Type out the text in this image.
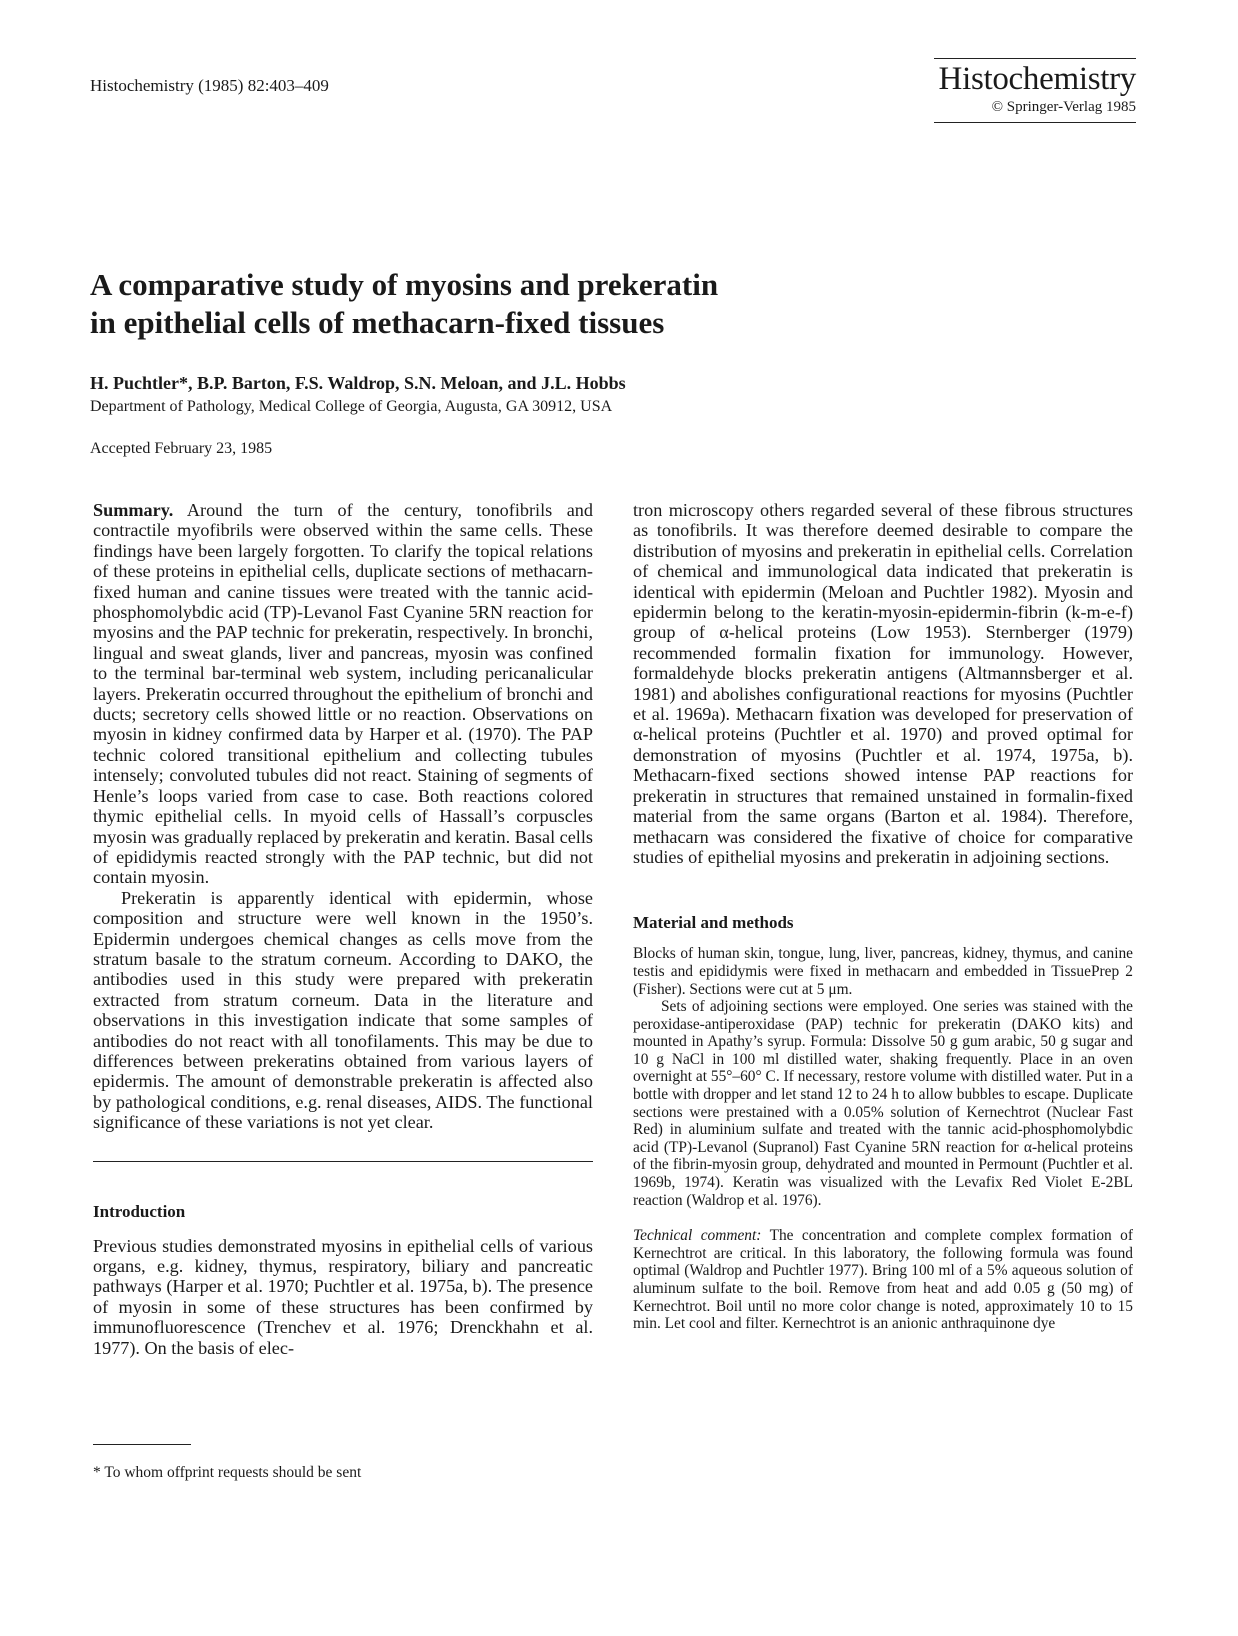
Histochemistry (1985) 82:403–409	Histochemistry
© Springer-Verlag 1985
A comparative study of myosins and prekeratin
in epithelial cells of methacarn-fixed tissues
H. Puchtler*, B.P. Barton, F.S. Waldrop, S.N. Meloan, and J.L. Hobbs
Department of Pathology, Medical College of Georgia, Augusta, GA 30912, USA
Accepted February 23, 1985

Summary. Around the turn of the century, tonofibrils and contractile myofibrils were observed within the same cells. These findings have been largely forgotten. To clarify the topical relations of these proteins in epithelial cells, duplicate sections of methacarn-fixed human and canine tissues were treated with the tannic acid-phosphomolybdic acid (TP)-Levanol Fast Cyanine 5RN reaction for myosins and the PAP technic for prekeratin, respectively. In bronchi, lingual and sweat glands, liver and pancreas, myosin was confined to the terminal bar-terminal web system, including pericanalicular layers. Prekeratin occurred throughout the epithelium of bronchi and ducts; secretory cells showed little or no reaction. Observations on myosin in kidney confirmed data by Harper et al. (1970). The PAP technic colored transitional epithelium and collecting tubules intensely; convoluted tubules did not react. Staining of segments of Henle’s loops varied from case to case. Both reactions colored thymic epithelial cells. In myoid cells of Hassall’s corpuscles myosin was gradually replaced by prekeratin and keratin. Basal cells of epididymis reacted strongly with the PAP technic, but did not contain myosin.

Prekeratin is apparently identical with epidermin, whose composition and structure were well known in the 1950’s. Epidermin undergoes chemical changes as cells move from the stratum basale to the stratum corneum. According to DAKO, the antibodies used in this study were prepared with prekeratin extracted from stratum corneum. Data in the literature and observations in this investigation indicate that some samples of antibodies do not react with all tonofilaments. This may be due to differences between prekeratins obtained from various layers of epidermis. The amount of demonstrable prekeratin is affected also by pathological conditions, e.g. renal diseases, AIDS. The functional significance of these variations is not yet clear.

Introduction

Previous studies demonstrated myosins in epithelial cells of various organs, e.g. kidney, thymus, respiratory, biliary and pancreatic pathways (Harper et al. 1970; Puchtler et al. 1975a, b). The presence of myosin in some of these structures has been confirmed by immunofluorescence (Trenchev et al. 1976; Drenckhahn et al. 1977). On the basis of elec-

* To whom offprint requests should be sent

tron microscopy others regarded several of these fibrous structures as tonofibrils. It was therefore deemed desirable to compare the distribution of myosins and prekeratin in epithelial cells. Correlation of chemical and immunological data indicated that prekeratin is identical with epidermin (Meloan and Puchtler 1982). Myosin and epidermin belong to the keratin-myosin-epidermin-fibrin (k-m-e-f) group of α-helical proteins (Low 1953). Sternberger (1979) recommended formalin fixation for immunology. However, formaldehyde blocks prekeratin antigens (Altmannsberger et al. 1981) and abolishes configurational reactions for myosins (Puchtler et al. 1969a). Methacarn fixation was developed for preservation of α-helical proteins (Puchtler et al. 1970) and proved optimal for demonstration of myosins (Puchtler et al. 1974, 1975a, b). Methacarn-fixed sections showed intense PAP reactions for prekeratin in structures that remained unstained in formalin-fixed material from the same organs (Barton et al. 1984). Therefore, methacarn was considered the fixative of choice for comparative studies of epithelial myosins and prekeratin in adjoining sections.

Material and methods

Blocks of human skin, tongue, lung, liver, pancreas, kidney, thymus, and canine testis and epididymis were fixed in methacarn and embedded in TissuePrep 2 (Fisher). Sections were cut at 5 μm.

Sets of adjoining sections were employed. One series was stained with the peroxidase-antiperoxidase (PAP) technic for prekeratin (DAKO kits) and mounted in Apathy’s syrup. Formula: Dissolve 50 g gum arabic, 50 g sugar and 10 g NaCl in 100 ml distilled water, shaking frequently. Place in an oven overnight at 55°–60° C. If necessary, restore volume with distilled water. Put in a bottle with dropper and let stand 12 to 24 h to allow bubbles to escape. Duplicate sections were prestained with a 0.05% solution of Kernechtrot (Nuclear Fast Red) in aluminium sulfate and treated with the tannic acid-phosphomolybdic acid (TP)-Levanol (Supranol) Fast Cyanine 5RN reaction for α-helical proteins of the fibrin-myosin group, dehydrated and mounted in Permount (Puchtler et al. 1969b, 1974). Keratin was visualized with the Levafix Red Violet E-2BL reaction (Waldrop et al. 1976).

Technical comment: The concentration and complete complex formation of Kernechtrot are critical. In this laboratory, the following formula was found optimal (Waldrop and Puchtler 1977). Bring 100 ml of a 5% aqueous solution of aluminum sulfate to the boil. Remove from heat and add 0.05 g (50 mg) of Kernechtrot. Boil until no more color change is noted, approximately 10 to 15 min. Let cool and filter. Kernechtrot is an anionic anthraquinone dye
